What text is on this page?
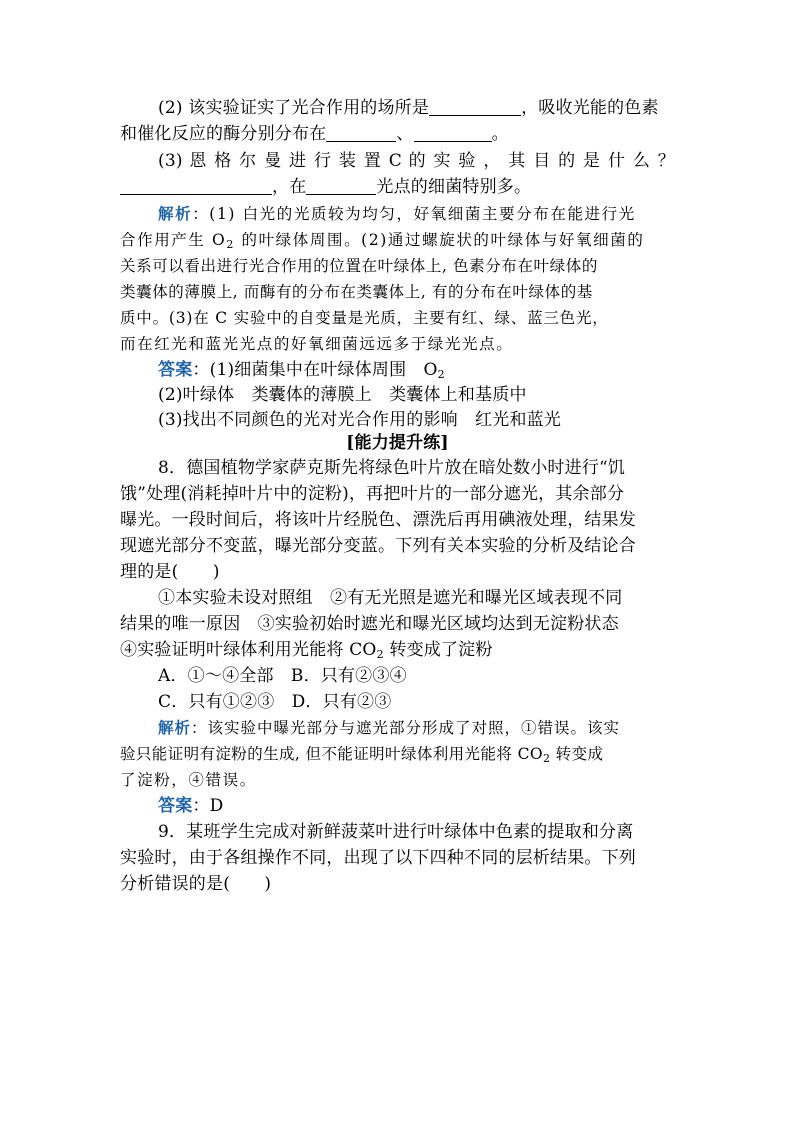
(2) 该实验证实了光合作用的场所是	，吸收光能的色素
和催化反应的酶分别分布在	、	。
(3) 恩 格 尔 曼 进 行 装 置 C 的 实 验 ， 其 目 的 是 什 么 ？
，在	光点的细菌特别多。
解析：(1) 白光的光质较为均匀，好氧细菌主要分布在能进行光
合作用产生 $O_2$ 的叶绿体周围。(2)通过螺旋状的叶绿体与好氧细菌的
关系可以看出进行光合作用的位置在叶绿体上, 色素分布在叶绿体的
类囊体的薄膜上, 而酶有的分布在类囊体上, 有的分布在叶绿体的基
质中。(3)在 C 实验中的自变量是光质，主要有红、绿、蓝三色光，
而在红光和蓝光光点的好氧细菌远远多于绿光光点。
答案：(1)细菌集中在叶绿体周围　$O_2$
(2)叶绿体　类囊体的薄膜上　类囊体上和基质中
(3)找出不同颜色的光对光合作用的影响　红光和蓝光
[能力提升练]
8．德国植物学家萨克斯先将绿色叶片放在暗处数小时进行“饥
饿”处理(消耗掉叶片中的淀粉)，再把叶片的一部分遮光，其余部分
曝光。一段时间后，将该叶片经脱色、漂洗后再用碘液处理，结果发
现遮光部分不变蓝，曝光部分变蓝。下列有关本实验的分析及结论合
理的是(　　)
①本实验未设对照组　②有无光照是遮光和曝光区域表现不同
结果的唯一原因　③实验初始时遮光和曝光区域均达到无淀粉状态
④实验证明叶绿体利用光能将 $CO_2$ 转变成了淀粉
A．①～④全部　B．只有②③④
C．只有①②③　D．只有②③
解析：该实验中曝光部分与遮光部分形成了对照，①错误。该实
验只能证明有淀粉的生成, 但不能证明叶绿体利用光能将 $CO_2$ 转变成
了淀粉，④错误。
答案：D
9．某班学生完成对新鲜菠菜叶进行叶绿体中色素的提取和分离
实验时，由于各组操作不同，出现了以下四种不同的层析结果。下列
分析错误的是(　　)
